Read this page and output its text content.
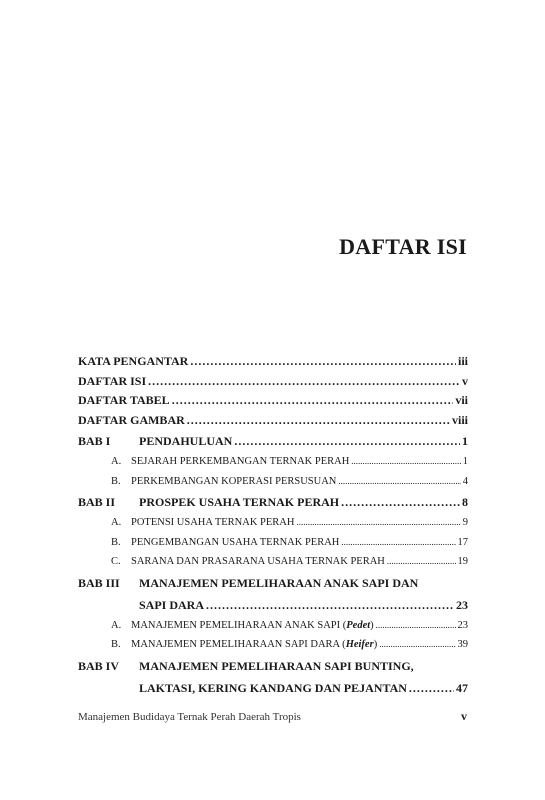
DAFTAR ISI
KATA PENGANTAR .....	iii
DAFTAR ISI .....	v
DAFTAR TABEL .....	vii
DAFTAR GAMBAR .....	viii
BAB I	PENDAHULUAN .....	1
A. SEJARAH PERKEMBANGAN TERNAK PERAH .....	1
B. PERKEMBANGAN KOPERASI PERSUSUAN .....	4
BAB II	PROSPEK USAHA TERNAK PERAH .....	8
A. POTENSI USAHA TERNAK PERAH .....	9
B. PENGEMBANGAN USAHA TERNAK PERAH .....	17
C. SARANA DAN PRASARANA USAHA TERNAK PERAH .....	19
BAB III	MANAJEMEN PEMELIHARAAN ANAK SAPI DAN
SAPI DARA .....	23
A. MANAJEMEN PEMELIHARAAN ANAK SAPI (Pedet) .....	23
B. MANAJEMEN PEMELIHARAAN SAPI DARA (Heifer) .....	39
BAB IV	MANAJEMEN PEMELIHARAAN SAPI BUNTING,
LAKTASI, KERING KANDANG DAN PEJANTAN .....	47
Manajemen Budidaya Ternak Perah Daerah Tropis	v
